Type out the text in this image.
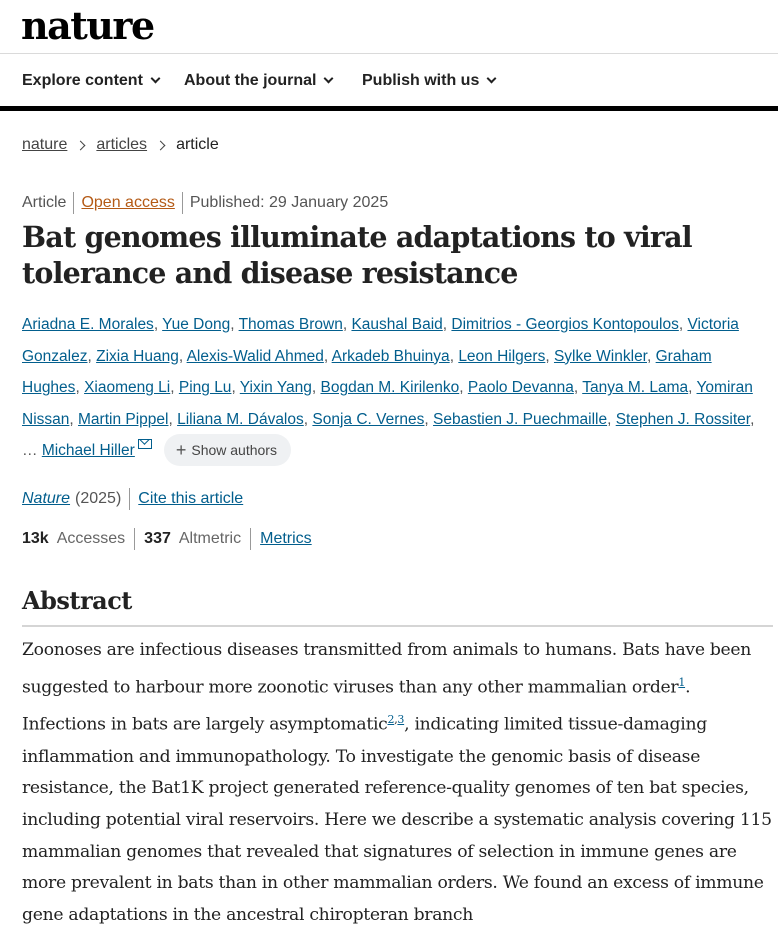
nature
Explore content	About the journal	Publish with us
nature articles article
Article Open access Published: 29 January 2025
Bat genomes illuminate adaptations to viral tolerance and disease resistance
Ariadna E. Morales, Yue Dong, Thomas Brown, Kaushal Baid, Dimitrios - Georgios Kontopoulos, Victoria Gonzalez, Zixia Huang, Alexis-Walid Ahmed, Arkadeb Bhuinya, Leon Hilgers, Sylke Winkler, Graham Hughes, Xiaomeng Li, Ping Lu, Yixin Yang, Bogdan M. Kirilenko, Paolo Devanna, Tanya M. Lama, Yomiran Nissan, Martin Pippel, Liliana M. Dávalos, Sonja C. Vernes, Sebastien J. Puechmaille, Stephen J. Rossiter,
… Michael Hiller + Show authors
Nature (2025) Cite this article
13k Accesses 337 Altmetric Metrics
Abstract

Zoonoses are infectious diseases transmitted from animals to humans. Bats have been suggested to harbour more zoonotic viruses than any other mammalian order$^1$. Infections in bats are largely asymptomatic$^{2,3}$, indicating limited tissue-damaging inflammation and immunopathology. To investigate the genomic basis of disease resistance, the Bat1K project generated reference-quality genomes of ten bat species, including potential viral reservoirs. Here we describe a systematic analysis covering 115 mammalian genomes that revealed that signatures of selection in immune genes are more prevalent in bats than in other mammalian orders. We found an excess of immune gene adaptations in the ancestral chiropteran branch
